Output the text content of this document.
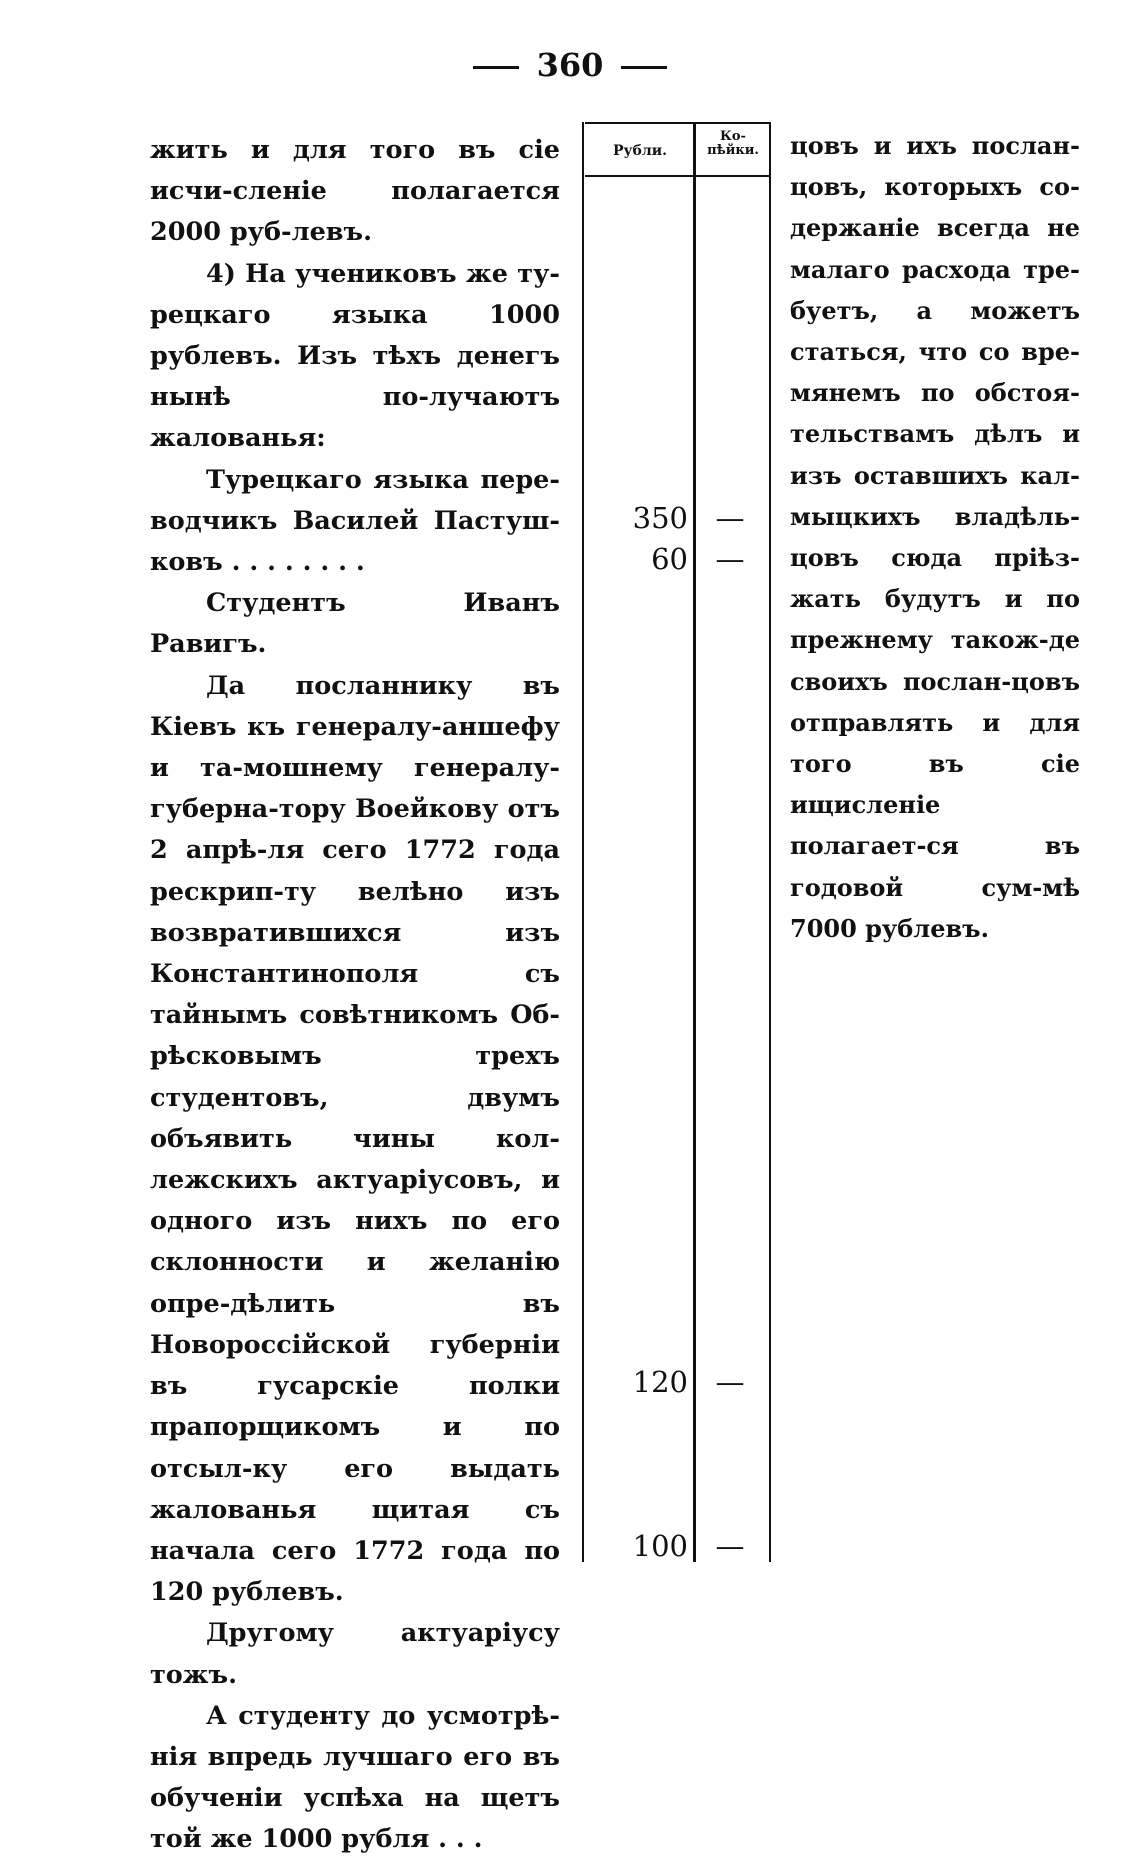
360
Рубли.
Ко-
пѣйки.

жить и для того въ сіе исчи-сленіе полагается 2000 руб-левъ.

4) На учениковъ же ту-рецкаго языка 1000 рублевъ. Изъ тѣхъ денегъ нынѣ по-лучаютъ жалованья:

Турецкаго языка пере-водчикъ Василей Пастуш-ковъ . . . . . . . .

Студентъ Иванъ Равигъ.

Да посланнику въ Кіевъ къ генералу-аншефу и та-мошнему генералу-губерна-тору Воейкову отъ 2 апрѣ-ля сего 1772 года рескрип-ту велѣно изъ возвратившихся изъ Константинополя съ тайнымъ совѣтникомъ Об-рѣсковымъ трехъ студентовъ, двумъ объявить чины кол-лежскихъ актуаріусовъ, и одного изъ нихъ по его склонности и желанію опре-дѣлить въ Новороссійской губерніи въ гусарскіе полки прапорщикомъ и по отсыл-ку его выдать жалованья щитая съ начала сего 1772 года по 120 рублевъ.

Другому актуаріусу тожъ.

А студенту до усмотрѣ-нія впредь лучшаго его въ обученіи успѣха на щетъ той же 1000 рубля . . .

350 —
60 —
120 —
100 —

цовъ и ихъ послан-цовъ, которыхъ со-держаніе всегда не малаго расхода тре-буетъ, а можетъ статься, что со вре-мянемъ по обстоя-тельствамъ дѣлъ и изъ оставшихъ кал-мыцкихъ владѣль-цовъ сюда пріѣз-жать будутъ и по прежнему також-де своихъ послан-цовъ отправлять и для того въ сіе ищисленіе полагает-ся въ годовой сум-мѣ 7000 рублевъ.
